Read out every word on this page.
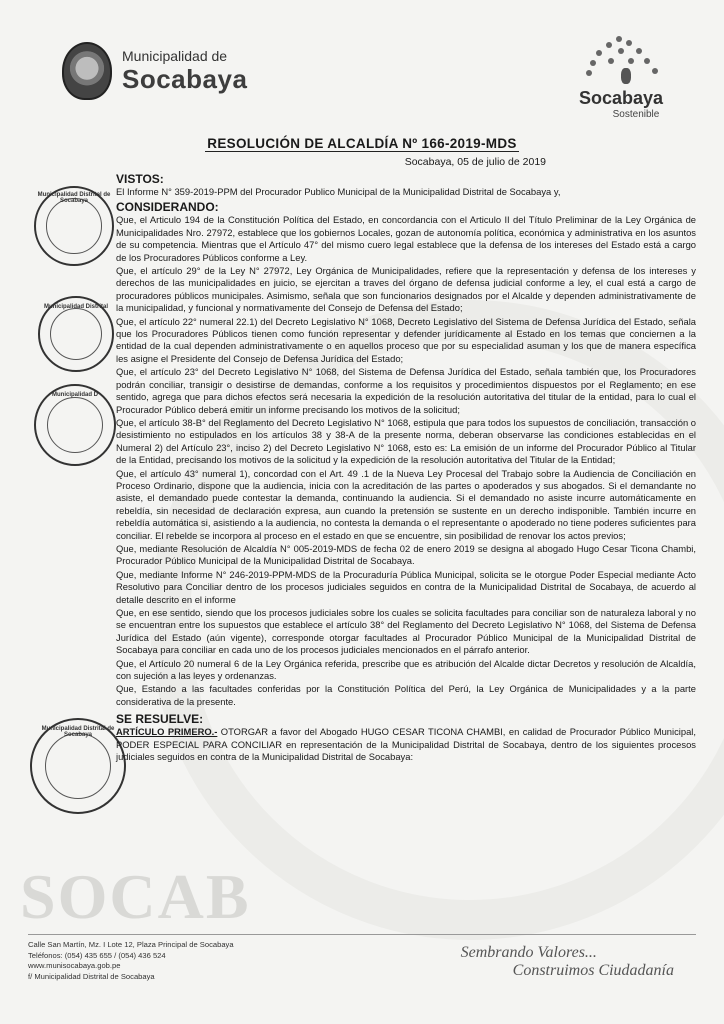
SOCAB
Municipalidad de
Socabaya
Socabaya
Sostenible
RESOLUCIÓN DE ALCALDÍA Nº 166-2019-MDS
Socabaya, 05 de julio de 2019
Municipalidad Distrital de Socabaya
Municipalidad Distrital
Municipalidad D
Municipalidad Distrital de Socabaya
VISTOS:

El Informe N° 359-2019-PPM del Procurador Publico Municipal de la Municipalidad Distrital de Socabaya y,

CONSIDERANDO:

Que, el Articulo 194 de la Constitución Política del Estado, en concordancia con el Articulo II del Título Preliminar de la Ley Orgánica de Municipalidades Nro. 27972, establece que los gobiernos Locales, gozan de autonomía política, económica y administrativa en los asuntos de su competencia. Mientras que el Artículo 47° del mismo cuero legal establece que la defensa de los intereses del Estado está a cargo de los Procuradores Públicos conforme a Ley.

Que, el artículo 29° de la Ley N° 27972, Ley Orgánica de Municipalidades, refiere que la representación y defensa de los intereses y derechos de las municipalidades en juicio, se ejercitan a traves del órgano de defensa judicial conforme a ley, el cual está a cargo de procuradores públicos municipales. Asimismo, señala que son funcionarios designados por el Alcalde y dependen administrativamente de la municipalidad, y funcional y normativamente del Consejo de Defensa del Estado;

Que, el artículo 22° numeral 22.1) del Decreto Legislativo N° 1068, Decreto Legislativo del Sistema de Defensa Jurídica del Estado, señala que los Procuradores Públicos tienen como función representar y defender jurídicamente al Estado en los temas que conciernen a la entidad de la cual dependen administrativamente o en aquellos proceso que por su especialidad asuman y los que de manera específica les asigne el Presidente del Consejo de Defensa Jurídica del Estado;

Que, el artículo 23° del Decreto Legislativo N° 1068, del Sistema de Defensa Jurídica del Estado, señala también que, los Procuradores podrán conciliar, transigir o desistirse de demandas, conforme a los requisitos y procedimientos dispuestos por el Reglamento; en ese sentido, agrega que para dichos efectos será necesaria la expedición de la resolución autoritativa del titular de la entidad, para lo cual el Procurador Público deberá emitir un informe precisando los motivos de la solicitud;

Que, el artículo 38-B° del Reglamento del Decreto Legislativo N° 1068, estipula que para todos los supuestos de conciliación, transacción o desistimiento no estipulados en los artículos 38 y 38-A de la presente norma, deberan observarse las condiciones establecidas en el Numeral 2) del Artículo 23°, inciso 2) del Decreto Legislativo N° 1068, esto es: La emisión de un informe del Procurador Público al Titular de la Entidad, precisando los motivos de la solicitud y la expedición de la resolución autoritativa del Titular de la Entidad;

Que, el artículo 43° numeral 1), concordad con el Art. 49 .1 de la Nueva Ley Procesal del Trabajo sobre la Audiencia de Conciliación en Proceso Ordinario, dispone que la audiencia, inicia con la acreditación de las partes o apoderados y sus abogados. Si el demandante no asiste, el demandado puede contestar la demanda, continuando la audiencia. Si el demandado no asiste incurre automáticamente en rebeldía, sin necesidad de declaración expresa, aun cuando la pretensión se sustente en un derecho indisponible. También incurre en rebeldía automática si, asistiendo a la audiencia, no contesta la demanda o el representante o apoderado no tiene poderes suficientes para conciliar. El rebelde se incorpora al proceso en el estado en que se encuentre, sin posibilidad de renovar los actos previos;

Que, mediante Resolución de Alcaldía N° 005-2019-MDS de fecha 02 de enero 2019 se designa al abogado Hugo Cesar Ticona Chambi, Procurador Público Municipal de la Municipalidad Distrital de Socabaya.

Que, mediante Informe N° 246-2019-PPM-MDS de la Procuraduría Pública Municipal, solicita se le otorgue Poder Especial mediante Acto Resolutivo para Conciliar dentro de los procesos judiciales seguidos en contra de la Municipalidad Distrital de Socabaya, de acuerdo al detalle descrito en el informe

Que, en ese sentido, siendo que los procesos judiciales sobre los cuales se solicita facultades para conciliar son de naturaleza laboral y no se encuentran entre los supuestos que establece el artículo 38° del Reglamento del Decreto Legislativo N° 1068, del Sistema de Defensa Jurídica del Estado (aún vigente), corresponde otorgar facultades al Procurador Público Municipal de la Municipalidad Distrital de Socabaya para conciliar en cada uno de los procesos judiciales mencionados en el párrafo anterior.

Que, el Artículo 20 numeral 6 de la Ley Orgánica referida, prescribe que es atribución del Alcalde dictar Decretos y resolución de Alcaldía, con sujeción a las leyes y ordenanzas.

Que, Estando a las facultades conferidas por la Constitución Política del Perú, la Ley Orgánica de Municipalidades y a la parte considerativa de la presente.

SE RESUELVE:

ARTÍCULO PRIMERO.- OTORGAR a favor del Abogado HUGO CESAR TICONA CHAMBI, en calidad de Procurador Público Municipal, PODER ESPECIAL PARA CONCILIAR en representación de la Municipalidad Distrital de Socabaya, dentro de los siguientes procesos judiciales seguidos en contra de la Municipalidad Distrital de Socabaya:

Calle San Martín, Mz. I Lote 12, Plaza Principal de Socabaya
Teléfonos: (054) 435 655 / (054) 436 524
www.munisocabaya.gob.pe
f/ Municipalidad Distrital de Socabaya
Sembrando Valores...
Construimos Ciudadanía
